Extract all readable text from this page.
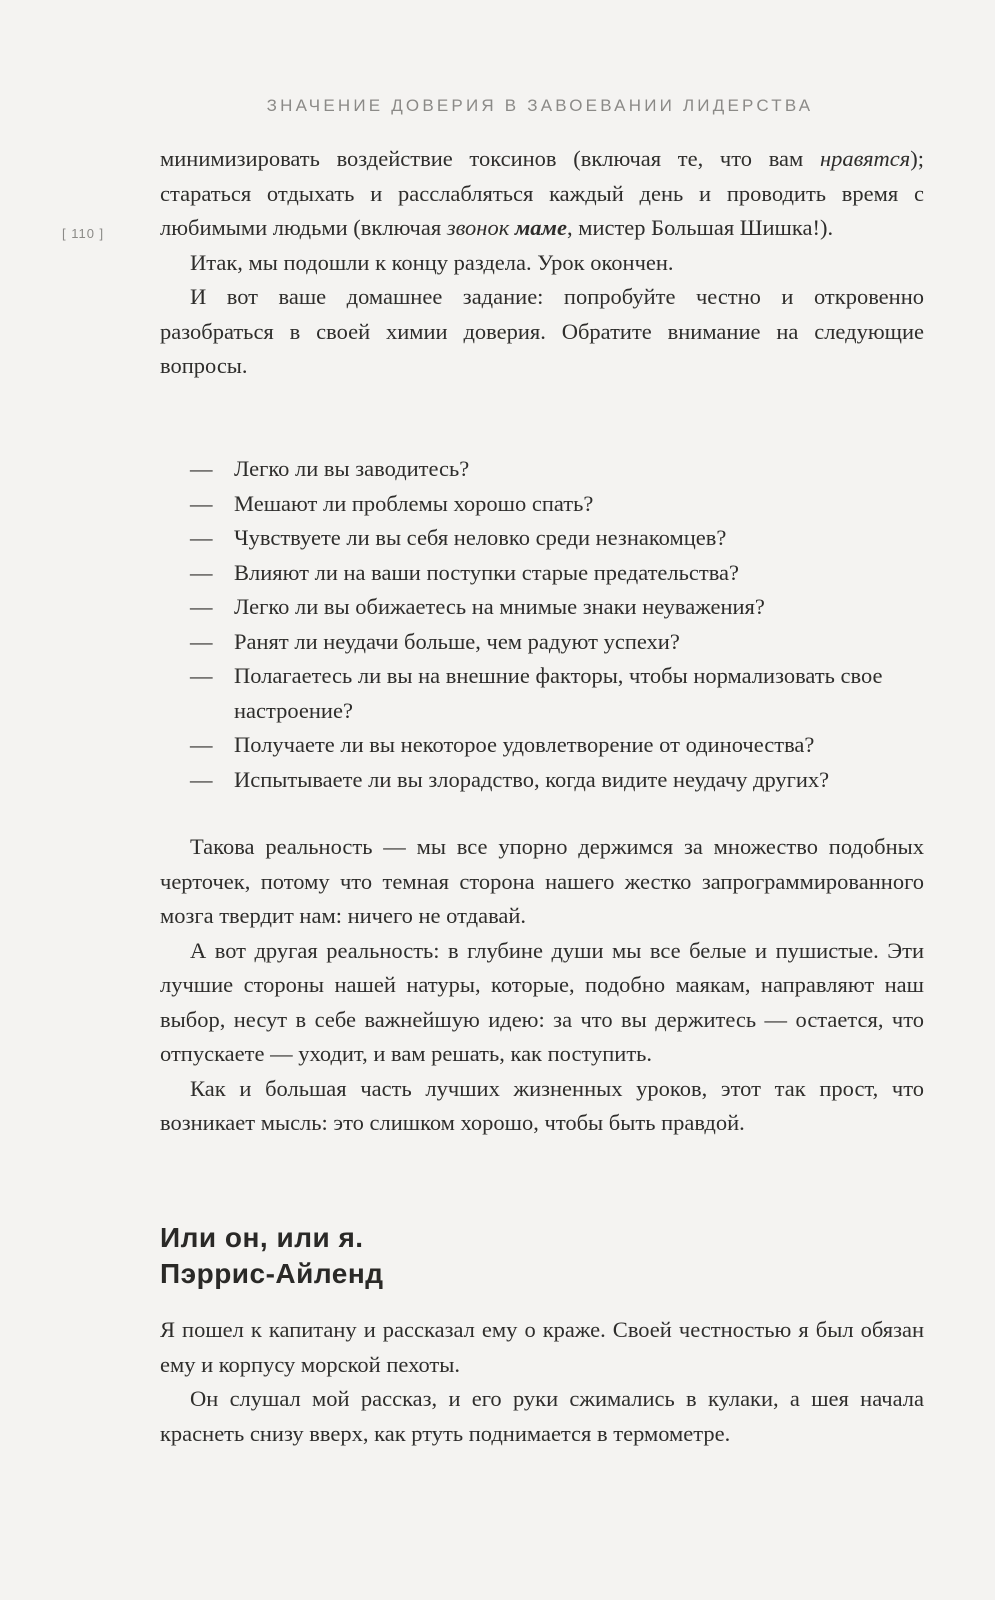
ЗНАЧЕНИЕ ДОВЕРИЯ В ЗАВОЕВАНИИ ЛИДЕРСТВА
[ 110 ]

минимизировать воздействие токсинов (включая те, что вам нравятся); стараться отдыхать и расслабляться каждый день и проводить время с любимыми людьми (включая звонок маме, мистер Большая Шишка!).

Итак, мы подошли к концу раздела. Урок окончен.

И вот ваше домашнее задание: попробуйте честно и откровенно разобраться в своей химии доверия. Обратите внимание на следующие вопросы.

— Легко ли вы заводитесь?
— Мешают ли проблемы хорошо спать?
— Чувствуете ли вы себя неловко среди незнакомцев?
— Влияют ли на ваши поступки старые предательства?
— Легко ли вы обижаетесь на мнимые знаки неуважения?
— Ранят ли неудачи больше, чем радуют успехи?
— Полагаетесь ли вы на внешние факторы, чтобы нормализовать свое настроение?
— Получаете ли вы некоторое удовлетворение от одиночества?
— Испытываете ли вы злорадство, когда видите неудачу других?

Такова реальность — мы все упорно держимся за множество подобных черточек, потому что темная сторона нашего жестко запрограммированного мозга твердит нам: ничего не отдавай.

А вот другая реальность: в глубине души мы все белые и пушистые. Эти лучшие стороны нашей натуры, которые, подобно маякам, направляют наш выбор, несут в себе важнейшую идею: за что вы держитесь — остается, что отпускаете — уходит, и вам решать, как поступить.

Как и большая часть лучших жизненных уроков, этот так прост, что возникает мысль: это слишком хорошо, чтобы быть правдой.

Или он, или я.
Пэррис-Айленд

Я пошел к капитану и рассказал ему о краже. Своей честностью я был обязан ему и корпусу морской пехоты.

Он слушал мой рассказ, и его руки сжимались в кулаки, а шея начала краснеть снизу вверх, как ртуть поднимается в термометре.
